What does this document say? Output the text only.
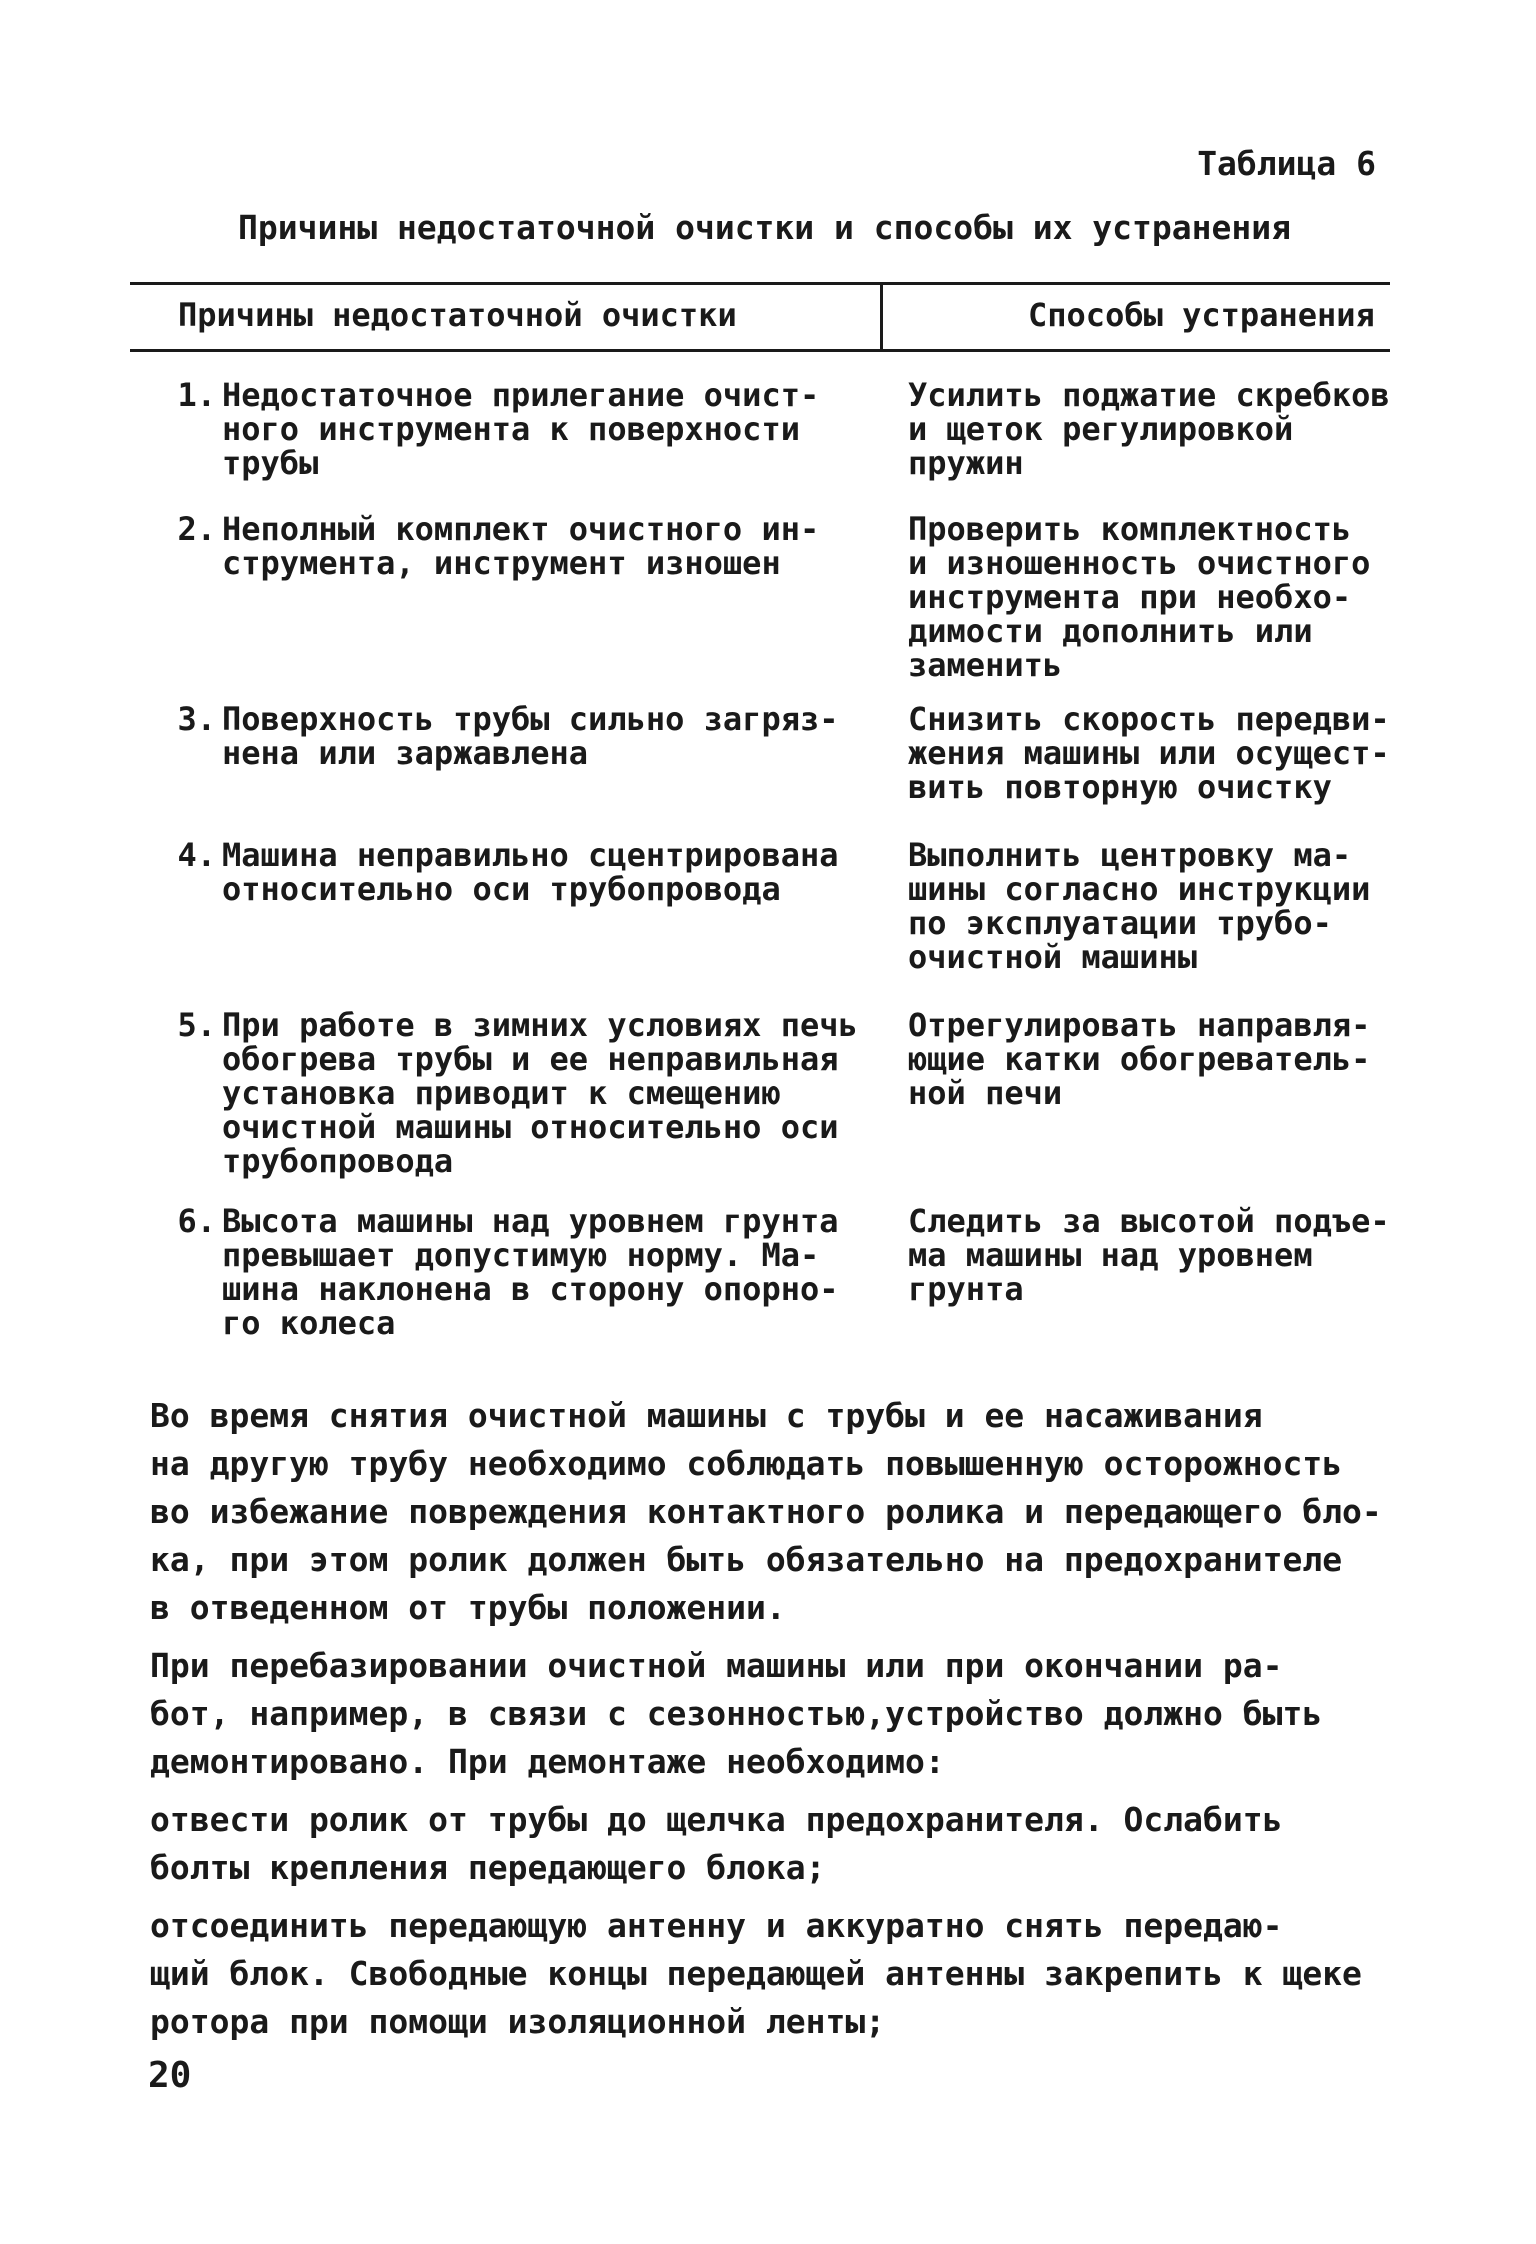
Таблица 6
Причины недостаточной очистки и способы их устранения
Причины недостаточной очистки	Способы устранения
1. Недостаточное прилегание очист-
ного инструмента к поверхности
трубы
Усилить поджатие скребков
и щеток регулировкой
пружин
2. Неполный комплект очистного ин-
струмента, инструмент изношен
Проверить комплектность
и изношенность очистного
инструмента при необхо-
димости дополнить или
заменить
3. Поверхность трубы сильно загряз-
нена или заржавлена
Снизить скорость передви-
жения машины или осущест-
вить повторную очистку
4. Машина неправильно сцентрирована
относительно оси трубопровода
Выполнить центровку ма-
шины согласно инструкции
по эксплуатации трубо-
очистной машины
5. При работе в зимних условиях печь
обогрева трубы и ее неправильная
установка приводит к смещению
очистной машины относительно оси
трубопровода
Отрегулировать направля-
ющие катки обогреватель-
ной печи
6. Высота машины над уровнем грунта
превышает допустимую норму. Ма-
шина наклонена в сторону опорно-
го колеса
Следить за высотой подъе-
ма машины над уровнем
грунта

Во время снятия очистной машины с трубы и ее насаживания
на другую трубу необходимо соблюдать повышенную осторожность
во избежание повреждения контактного ролика и передающего бло-
ка, при этом ролик должен быть обязательно на предохранителе
в отведенном от трубы положении.

При перебазировании очистной машины или при окончании ра-
бот, например, в связи с сезонностью,устройство должно быть
демонтировано. При демонтаже необходимо:

отвести ролик от трубы до щелчка предохранителя. Ослабить
болты крепления передающего блока;

отсоединить передающую антенну и аккуратно снять передаю-
щий блок. Свободные концы передающей антенны закрепить к щеке
ротора при помощи изоляционной ленты;

20
